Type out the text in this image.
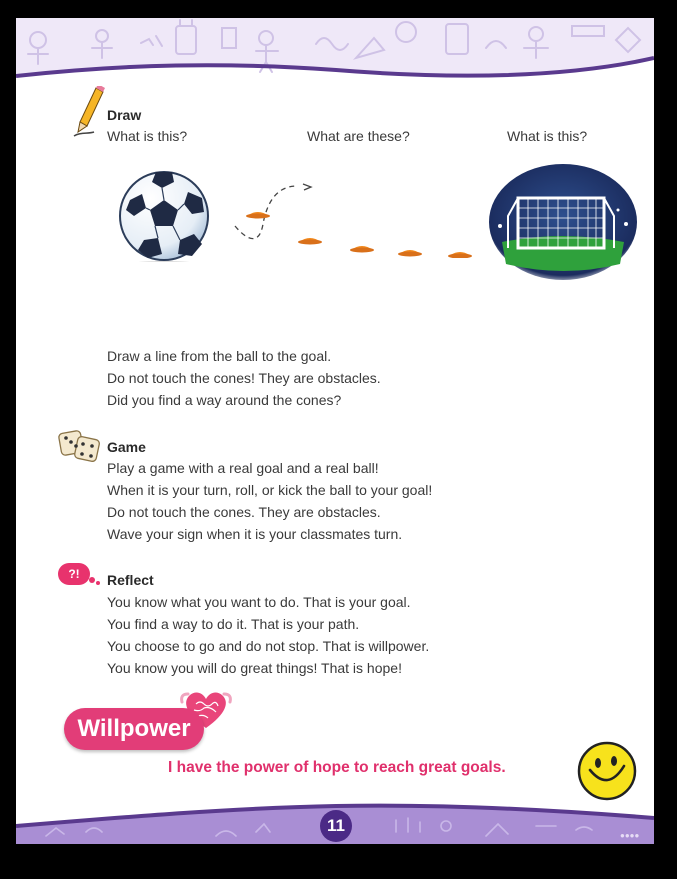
Draw
What is this?	What are these?	What is this?
Draw a line from the ball to the goal.
Do not touch the cones! They are obstacles.
Did you find a way around the cones?
Game
Play a game with a real goal and a real ball!
When it is your turn, roll, or kick the ball to your goal!
Do not touch the cones. They are obstacles.
Wave your sign when it is your classmates turn.
?!	Reflect
You know what you want to do. That is your goal.
You find a way to do it. That is your path.
You choose to go and do not stop. That is willpower.
You know you will do great things! That is hope!
Willpower
I have the power of hope to reach great goals.
●●●●
11
